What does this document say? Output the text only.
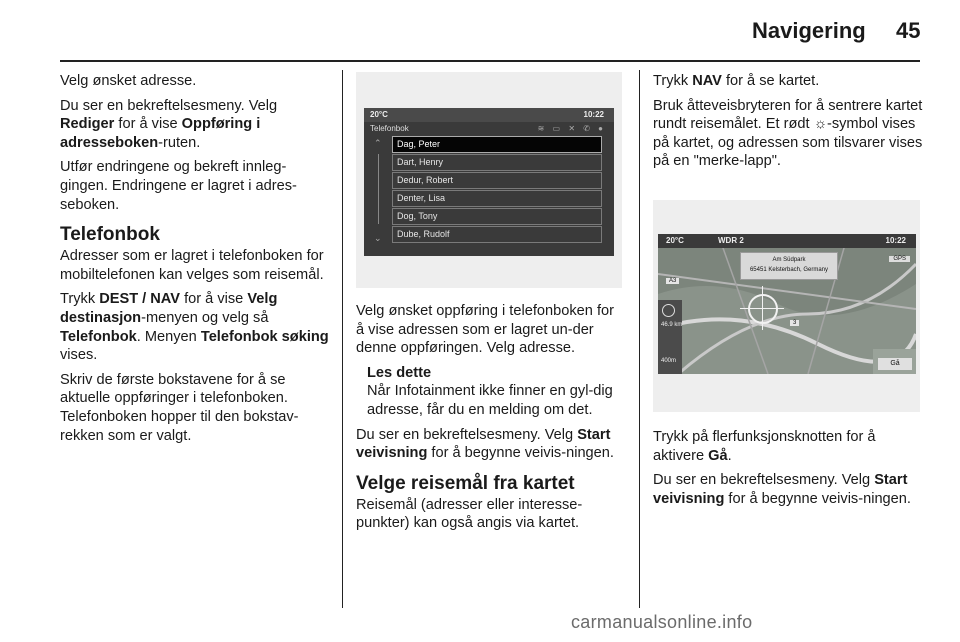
Navigering 45

Velg ønsket adresse.

Du ser en bekreftelsesmeny. Velg
Rediger for å vise Oppføring i adresseboken-ruten.

Utfør endringene og bekreft innleg-gingen. Endringene er lagret i adres-seboken.

Telefonbok

Adresser som er lagret i telefonboken for mobiltelefonen kan velges som reisemål.

Trykk DEST / NAV for å vise Velg destinasjon-menyen og velg så Telefonbok. Menyen Telefonbok søking vises.

Skriv de første bokstavene for å se aktuelle oppføringer i telefonboken. Telefonboken hopper til den bokstav-rekken som er valgt.

20°C	10:22
Telefonbok	≋ ▭ ✕ ✆ ●
⌃
⌄
Dag, Peter
Dart, Henry
Dedur, Robert
Denter, Lisa
Dog, Tony
Dube, Rudolf

Velg ønsket oppføring i telefonboken for å vise adressen som er lagret un-der denne oppføringen. Velg adresse.

Les dette
Når Infotainment ikke finner en gyl-dig adresse, får du en melding om det.

Du ser en bekreftelsesmeny. Velg Start veivisning for å begynne veivis-ningen.

Velge reisemål fra kartet

Reisemål (adresser eller interesse-punkter) kan også angis via kartet.

Trykk NAV for å se kartet.

Bruk åtteveisbryteren for å sentrere kartet rundt reisemålet. Et rødt ☼-symbol vises på kartet, og adressen som tilsvarer vises på en "merke-lapp".

20°C	WDR 2	10:22
Am Südpark
65451 Kelsterbach, Germany
GPS
A3
3
46.9 km
400m	Gå

Trykk på flerfunksjonsknotten for å aktivere Gå.

Du ser en bekreftelsesmeny. Velg Start veivisning for å begynne veivis-ningen.

carmanualsonline.info
